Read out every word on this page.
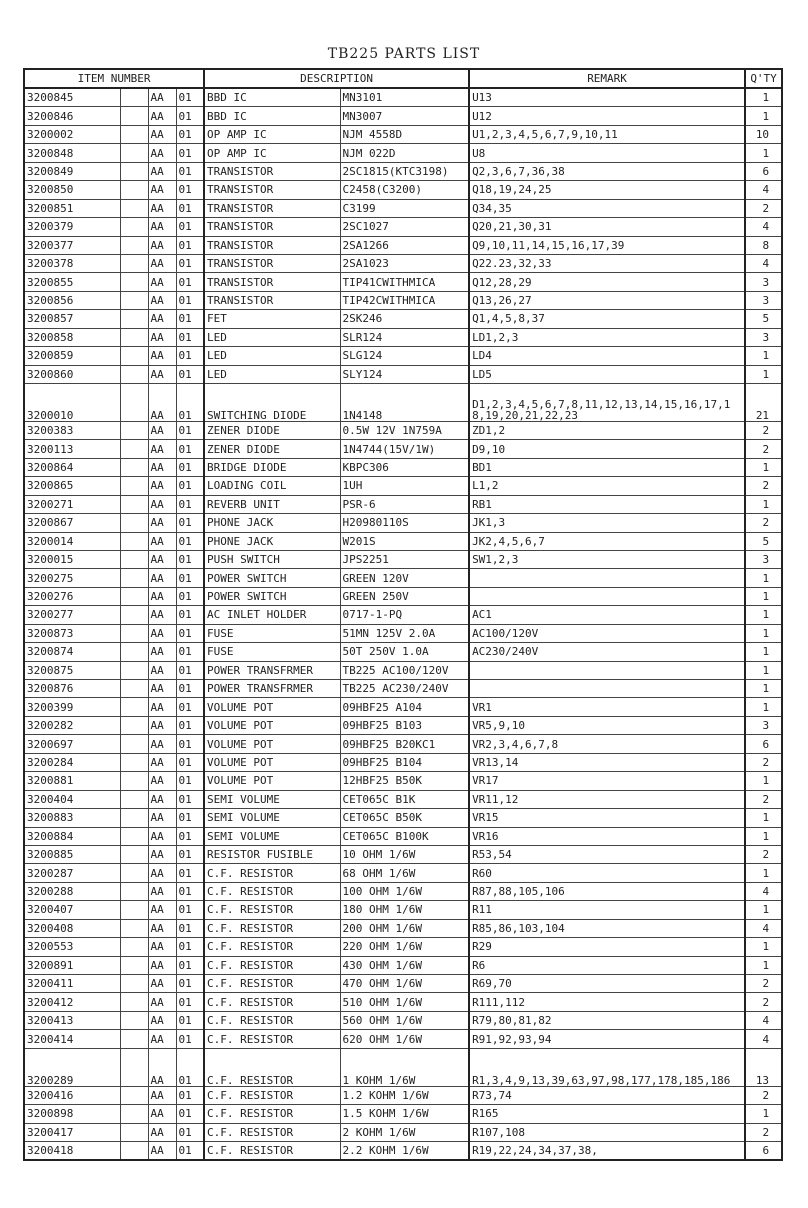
TB225 PARTS LIST
ITEM NUMBER				DESCRIPTION		REMARK	Q'TY
3200845		AA	01	BBD IC	MN3101	U13	1
3200846		AA	01	BBD IC	MN3007	U12	1
3200002		AA	01	OP AMP IC	NJM 4558D	U1,2,3,4,5,6,7,9,10,11	10
3200848		AA	01	OP AMP IC	NJM 022D	U8	1
3200849		AA	01	TRANSISTOR	2SC1815(KTC3198)	Q2,3,6,7,36,38	6
3200850		AA	01	TRANSISTOR	C2458(C3200)	Q18,19,24,25	4
3200851		AA	01	TRANSISTOR	C3199	Q34,35	2
3200379		AA	01	TRANSISTOR	2SC1027	Q20,21,30,31	4
3200377		AA	01	TRANSISTOR	2SA1266	Q9,10,11,14,15,16,17,39	8
3200378		AA	01	TRANSISTOR	2SA1023	Q22.23,32,33	4
3200855		AA	01	TRANSISTOR	TIP41CWITHMICA	Q12,28,29	3
3200856		AA	01	TRANSISTOR	TIP42CWITHMICA	Q13,26,27	3
3200857		AA	01	FET	2SK246	Q1,4,5,8,37	5
3200858		AA	01	LED	SLR124	LD1,2,3	3
3200859		AA	01	LED	SLG124	LD4	1
3200860		AA	01	LED	SLY124	LD5	1
3200010		AA	01	SWITCHING DIODE	1N4148	D1,2,3,4,5,6,7,8,11,12,13,14,15,16,17,18,19,20,21,22,23	21
3200383		AA	01	ZENER DIODE	0.5W 12V 1N759A	ZD1,2	2
3200113		AA	01	ZENER DIODE	1N4744(15V/1W)	D9,10	2
3200864		AA	01	BRIDGE DIODE	KBPC306	BD1	1
3200865		AA	01	LOADING COIL	1UH	L1,2	2
3200271		AA	01	REVERB UNIT	PSR-6	RB1	1
3200867		AA	01	PHONE JACK	H20980110S	JK1,3	2
3200014		AA	01	PHONE JACK	W201S	JK2,4,5,6,7	5
3200015		AA	01	PUSH SWITCH	JPS2251	SW1,2,3	3
3200275		AA	01	POWER SWITCH	GREEN 120V		1
3200276		AA	01	POWER SWITCH	GREEN 250V		1
3200277		AA	01	AC INLET HOLDER	0717-1-PQ	AC1	1
3200873		AA	01	FUSE	51MN 125V 2.0A	AC100/120V	1
3200874		AA	01	FUSE	50T 250V 1.0A	AC230/240V	1
3200875		AA	01	POWER TRANSFRMER	TB225 AC100/120V		1
3200876		AA	01	POWER TRANSFRMER	TB225 AC230/240V		1
3200399		AA	01	VOLUME POT	09HBF25 A104	VR1	1
3200282		AA	01	VOLUME POT	09HBF25 B103	VR5,9,10	3
3200697		AA	01	VOLUME POT	09HBF25 B20KC1	VR2,3,4,6,7,8	6
3200284		AA	01	VOLUME POT	09HBF25 B104	VR13,14	2
3200881		AA	01	VOLUME POT	12HBF25 B50K	VR17	1
3200404		AA	01	SEMI VOLUME	CET065C B1K	VR11,12	2
3200883		AA	01	SEMI VOLUME	CET065C B50K	VR15	1
3200884		AA	01	SEMI VOLUME	CET065C B100K	VR16	1
3200885		AA	01	RESISTOR FUSIBLE	10 OHM 1/6W	R53,54	2
3200287		AA	01	C.F. RESISTOR	68 OHM 1/6W	R60	1
3200288		AA	01	C.F. RESISTOR	100 OHM 1/6W	R87,88,105,106	4
3200407		AA	01	C.F. RESISTOR	180 OHM 1/6W	R11	1
3200408		AA	01	C.F. RESISTOR	200 OHM 1/6W	R85,86,103,104	4
3200553		AA	01	C.F. RESISTOR	220 OHM 1/6W	R29	1
3200891		AA	01	C.F. RESISTOR	430 OHM 1/6W	R6	1
3200411		AA	01	C.F. RESISTOR	470 OHM 1/6W	R69,70	2
3200412		AA	01	C.F. RESISTOR	510 OHM 1/6W	R111,112	2
3200413		AA	01	C.F. RESISTOR	560 OHM 1/6W	R79,80,81,82	4
3200414		AA	01	C.F. RESISTOR	620 OHM 1/6W	R91,92,93,94	4
3200289		AA	01	C.F. RESISTOR	1 KOHM 1/6W	R1,3,4,9,13,39,63,97,98,177,178,185,186	13
3200416		AA	01	C.F. RESISTOR	1.2 KOHM 1/6W	R73,74	2
3200898		AA	01	C.F. RESISTOR	1.5 KOHM 1/6W	R165	1
3200417		AA	01	C.F. RESISTOR	2 KOHM 1/6W	R107,108	2
3200418		AA	01	C.F. RESISTOR	2.2 KOHM 1/6W	R19,22,24,34,37,38,	6
